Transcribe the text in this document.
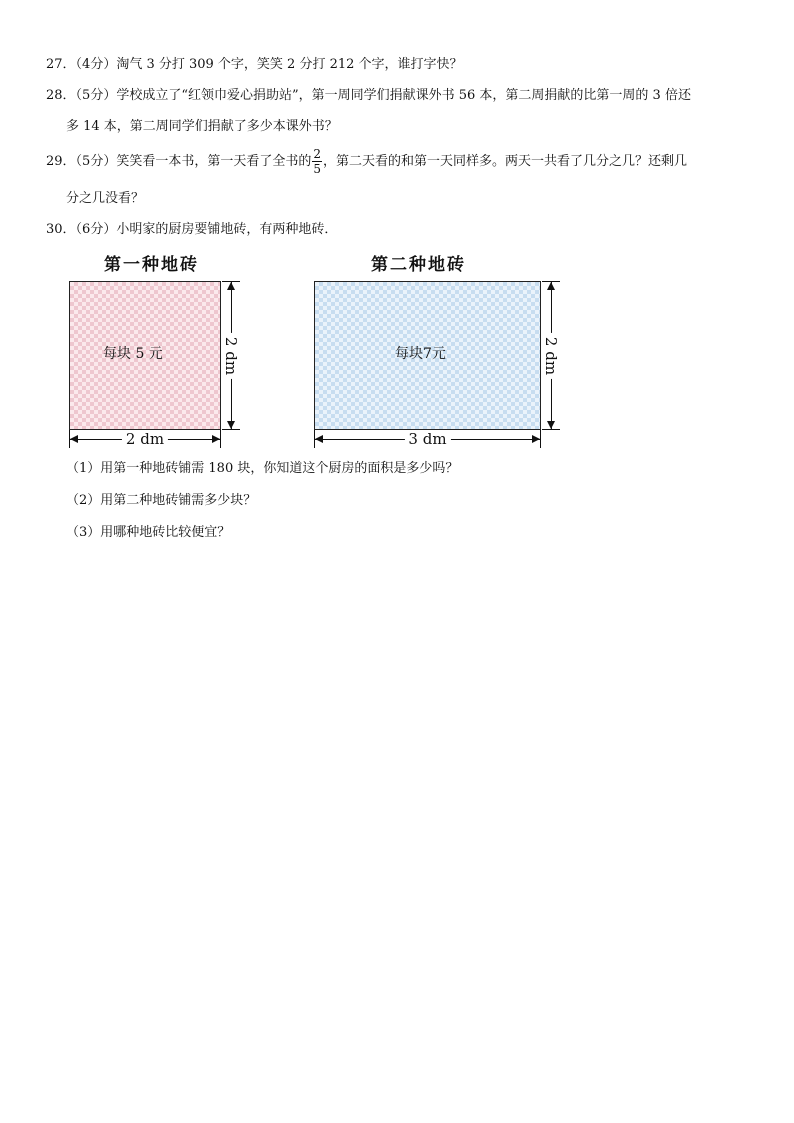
27．（4分）淘气 3 分打 309 个字，笑笑 2 分打 212 个字，谁打字快？
28．（5分）学校成立了“红领巾爱心捐助站”，第一周同学们捐献课外书 56 本，第二周捐献的比第一周的 3 倍还
多 14 本，第二周同学们捐献了多少本课外书？
29．（5分）笑笑看一本书，第一天看了全书的 $\frac{2}{5}$ ，第二天看的和第一天同样多。两天一共看了几分之几？还剩几
分之几没看？
30．（6分）小明家的厨房要铺地砖，有两种地砖．
第一种地砖
每块 5 元
2 dm
2 dm
第二种地砖
每块7元
3 dm
2 dm
（1）用第一种地砖铺需 180 块，你知道这个厨房的面积是多少吗？
（2）用第二种地砖铺需多少块？
（3）用哪种地砖比较便宜？
